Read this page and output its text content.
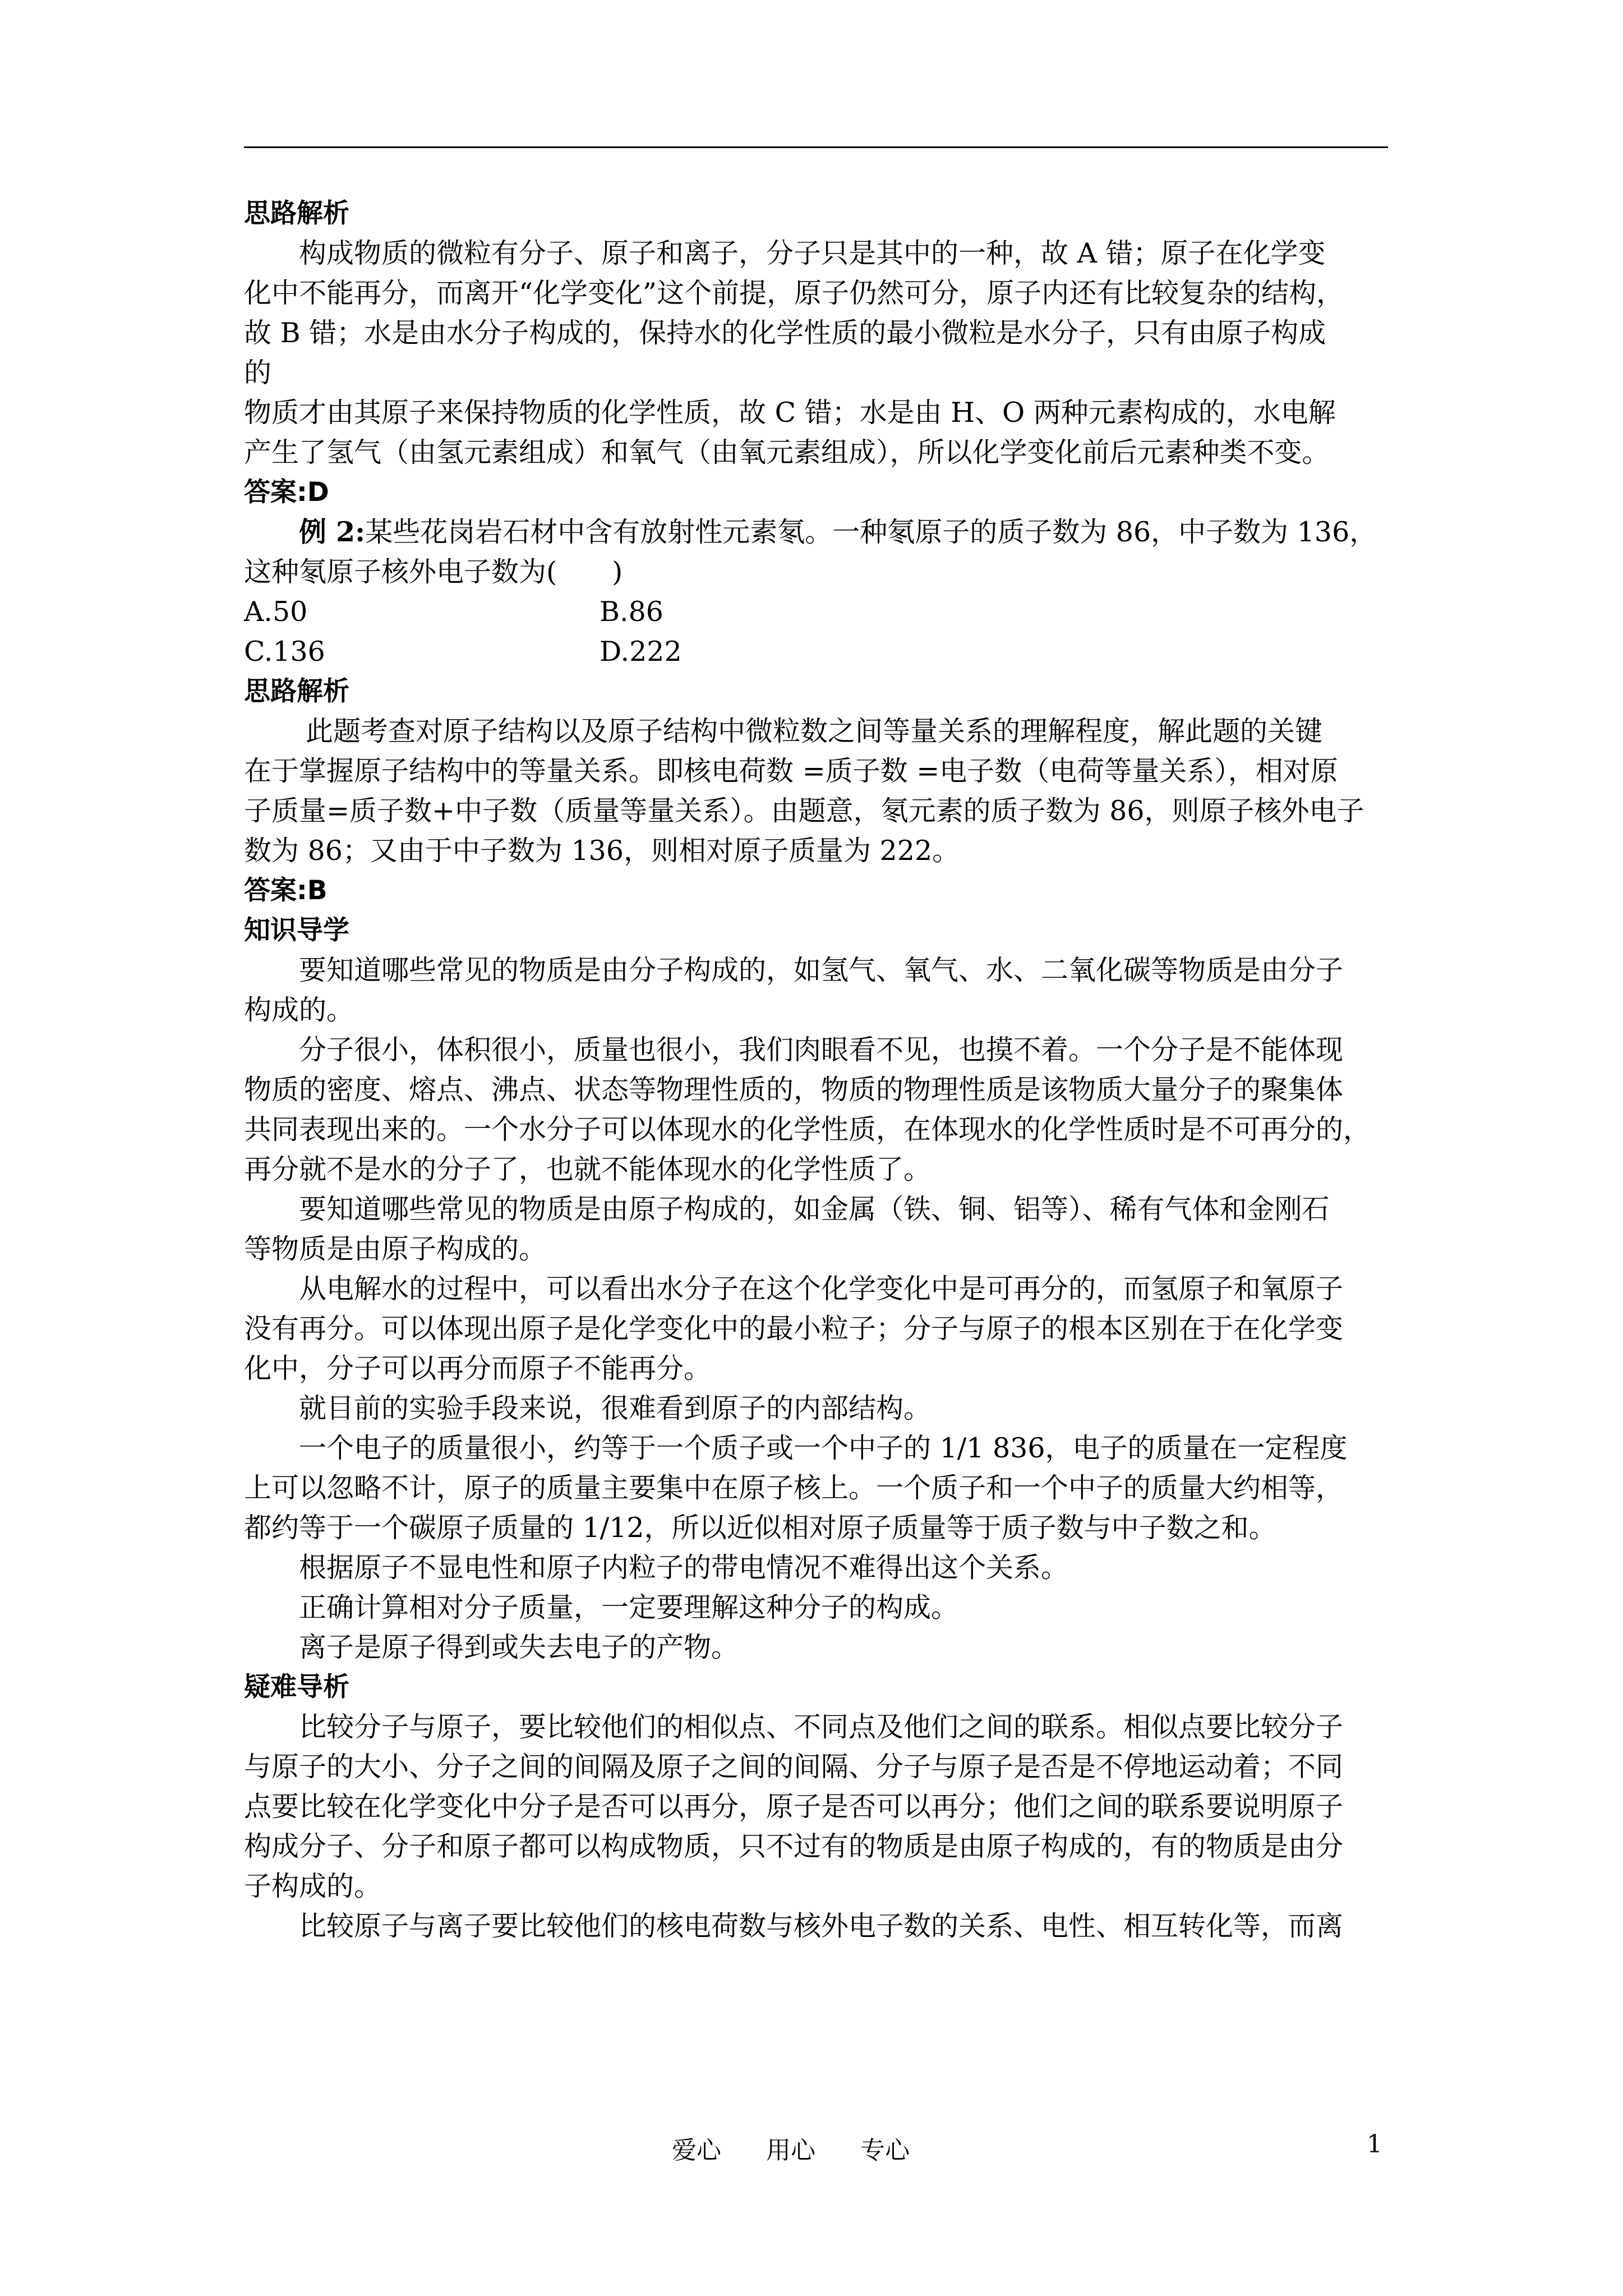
思路解析

构成物质的微粒有分子、原子和离子，分子只是其中的一种，故 A 错；原子在化学变

化中不能再分，而离开“化学变化”这个前提，原子仍然可分，原子内还有比较复杂的结构，

故 B 错；水是由水分子构成的，保持水的化学性质的最小微粒是水分子，只有由原子构成

的

物质才由其原子来保持物质的化学性质，故 C 错；水是由 H、O 两种元素构成的，水电解

产生了氢气（由氢元素组成）和氧气（由氧元素组成），所以化学变化前后元素种类不变。

答案:D

例 2:某些花岗岩石材中含有放射性元素氡。一种氡原子的质子数为 86，中子数为 136，

这种氡原子核外电子数为(　　)

A.50	B.86

C.136	D.222

思路解析

此题考查对原子结构以及原子结构中微粒数之间等量关系的理解程度，解此题的关键

在于掌握原子结构中的等量关系。即核电荷数 =质子数 =电子数（电荷等量关系），相对原

子质量=质子数+中子数（质量等量关系）。由题意，氡元素的质子数为 86，则原子核外电子

数为 86；又由于中子数为 136，则相对原子质量为 222。

答案:B

知识导学

要知道哪些常见的物质是由分子构成的，如氢气、氧气、水、二氧化碳等物质是由分子

构成的。

分子很小，体积很小，质量也很小，我们肉眼看不见，也摸不着。一个分子是不能体现

物质的密度、熔点、沸点、状态等物理性质的，物质的物理性质是该物质大量分子的聚集体

共同表现出来的。一个水分子可以体现水的化学性质，在体现水的化学性质时是不可再分的，

再分就不是水的分子了，也就不能体现水的化学性质了。

要知道哪些常见的物质是由原子构成的，如金属（铁、铜、铝等）、稀有气体和金刚石

等物质是由原子构成的。

从电解水的过程中，可以看出水分子在这个化学变化中是可再分的，而氢原子和氧原子

没有再分。可以体现出原子是化学变化中的最小粒子；分子与原子的根本区别在于在化学变

化中，分子可以再分而原子不能再分。

就目前的实验手段来说，很难看到原子的内部结构。

一个电子的质量很小，约等于一个质子或一个中子的 1/1 836，电子的质量在一定程度

上可以忽略不计，原子的质量主要集中在原子核上。一个质子和一个中子的质量大约相等，

都约等于一个碳原子质量的 1/12，所以近似相对原子质量等于质子数与中子数之和。

根据原子不显电性和原子内粒子的带电情况不难得出这个关系。

正确计算相对分子质量，一定要理解这种分子的构成。

离子是原子得到或失去电子的产物。

疑难导析

比较分子与原子，要比较他们的相似点、不同点及他们之间的联系。相似点要比较分子

与原子的大小、分子之间的间隔及原子之间的间隔、分子与原子是否是不停地运动着；不同

点要比较在化学变化中分子是否可以再分，原子是否可以再分；他们之间的联系要说明原子

构成分子、分子和原子都可以构成物质，只不过有的物质是由原子构成的，有的物质是由分

子构成的。

比较原子与离子要比较他们的核电荷数与核外电子数的关系、电性、相互转化等，而离

爱心 用心 专心	1
